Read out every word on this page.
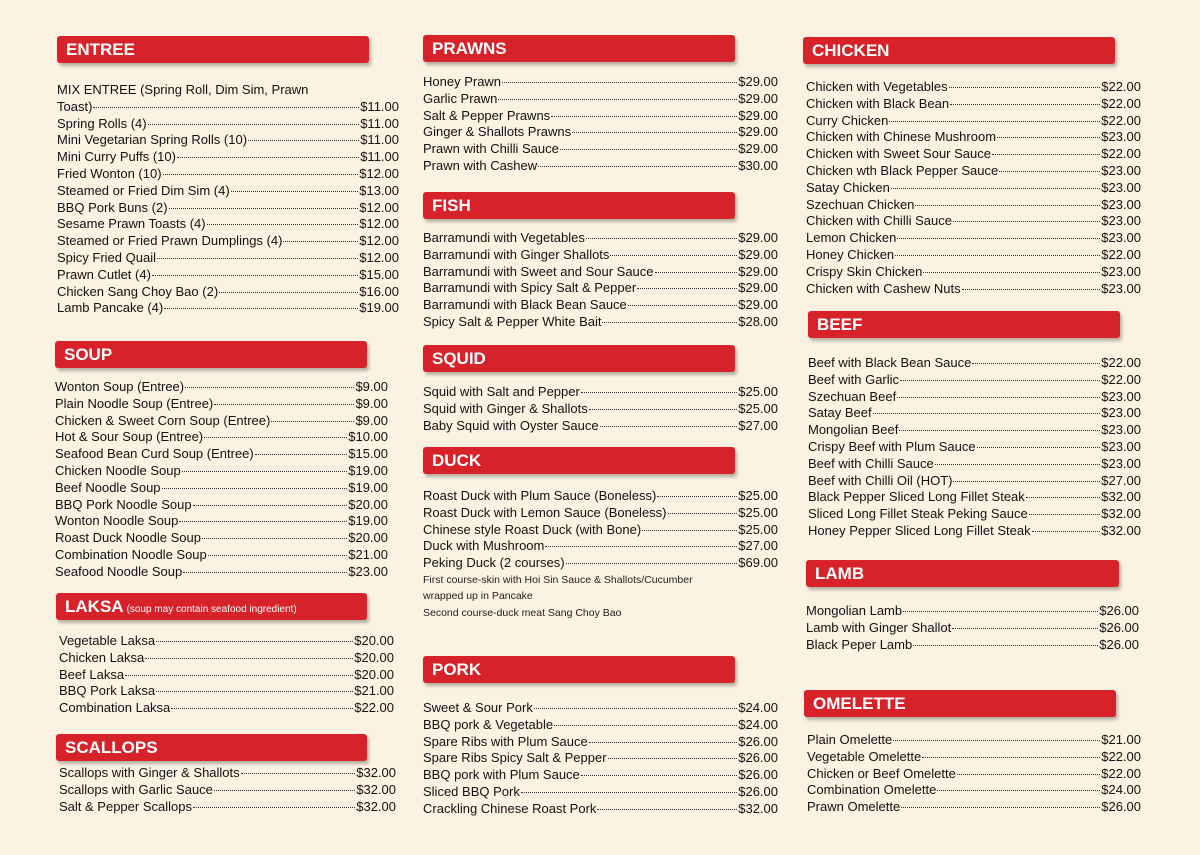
ENTREE
MIX ENTREE (Spring Roll, Dim Sim, Prawn
Toast)	$11.00
Spring Rolls (4)	$11.00
Mini Vegetarian Spring Rolls (10)	$11.00
Mini Curry Puffs (10)	$11.00
Fried Wonton (10)	$12.00
Steamed or Fried Dim Sim (4)	$13.00
BBQ Pork Buns (2)	$12.00
Sesame Prawn Toasts (4)	$12.00
Steamed or Fried Prawn Dumplings (4)	$12.00
Spicy Fried Quail	$12.00
Prawn Cutlet (4)	$15.00
Chicken Sang Choy Bao (2)	$16.00
Lamb Pancake (4)	$19.00
SOUP
Wonton Soup (Entree)	$9.00
Plain Noodle Soup (Entree)	$9.00
Chicken & Sweet Corn Soup (Entree)	$9.00
Hot & Sour Soup (Entree)	$10.00
Seafood Bean Curd Soup (Entree)	$15.00
Chicken Noodle Soup	$19.00
Beef Noodle Soup	$19.00
BBQ Pork Noodle Soup	$20.00
Wonton Noodle Soup	$19.00
Roast Duck Noodle Soup	$20.00
Combination Noodle Soup	$21.00
Seafood Noodle Soup	$23.00
LAKSA (soup may contain seafood ingredient)
Vegetable Laksa	$20.00
Chicken Laksa	$20.00
Beef Laksa	$20.00
BBQ Pork Laksa	$21.00
Combination Laksa	$22.00
SCALLOPS
Scallops with Ginger & Shallots	$32.00
Scallops with Garlic Sauce	$32.00
Salt & Pepper Scallops	$32.00
PRAWNS
Honey Prawn	$29.00
Garlic Prawn	$29.00
Salt & Pepper Prawns	$29.00
Ginger & Shallots Prawns	$29.00
Prawn with Chilli Sauce	$29.00
Prawn with Cashew	$30.00
FISH
Barramundi with Vegetables	$29.00
Barramundi with Ginger Shallots	$29.00
Barramundi with Sweet and Sour Sauce	$29.00
Barramundi with Spicy Salt & Pepper	$29.00
Barramundi with Black Bean Sauce	$29.00
Spicy Salt & Pepper White Bait	$28.00
SQUID
Squid with Salt and Pepper	$25.00
Squid with Ginger & Shallots	$25.00
Baby Squid with Oyster Sauce	$27.00
DUCK
Roast Duck with Plum Sauce (Boneless)	$25.00
Roast Duck with Lemon Sauce (Boneless)	$25.00
Chinese style Roast Duck (with Bone)	$25.00
Duck with Mushroom	$27.00
Peking Duck (2 courses)	$69.00
First course-skin with Hoi Sin Sauce & Shallots/Cucumber
wrapped up in Pancake
Second course-duck meat Sang Choy Bao
PORK
Sweet & Sour Pork	$24.00
BBQ pork & Vegetable	$24.00
Spare Ribs with Plum Sauce	$26.00
Spare Ribs Spicy Salt & Pepper	$26.00
BBQ pork with Plum Sauce	$26.00
Sliced BBQ Pork	$26.00
Crackling Chinese Roast Pork	$32.00
CHICKEN
Chicken with Vegetables	$22.00
Chicken with Black Bean	$22.00
Curry Chicken	$22.00
Chicken with Chinese Mushroom	$23.00
Chicken with Sweet Sour Sauce	$22.00
Chicken wth Black Pepper Sauce	$23.00
Satay Chicken	$23.00
Szechuan Chicken	$23.00
Chicken with Chilli Sauce	$23.00
Lemon Chicken	$23.00
Honey Chicken	$22.00
Crispy Skin Chicken	$23.00
Chicken with Cashew Nuts	$23.00
BEEF
Beef with Black Bean Sauce	$22.00
Beef with Garlic	$22.00
Szechuan Beef	$23.00
Satay Beef	$23.00
Mongolian Beef	$23.00
Crispy Beef with Plum Sauce	$23.00
Beef with Chilli Sauce	$23.00
Beef with Chilli Oil (HOT)	$27.00
Black Pepper Sliced Long Fillet Steak	$32.00
Sliced Long Fillet Steak Peking Sauce	$32.00
Honey Pepper Sliced Long Fillet Steak	$32.00
LAMB
Mongolian Lamb	$26.00
Lamb with Ginger Shallot	$26.00
Black Peper Lamb	$26.00
OMELETTE
Plain Omelette	$21.00
Vegetable Omelette	$22.00
Chicken or Beef Omelette	$22.00
Combination Omelette	$24.00
Prawn Omelette	$26.00
